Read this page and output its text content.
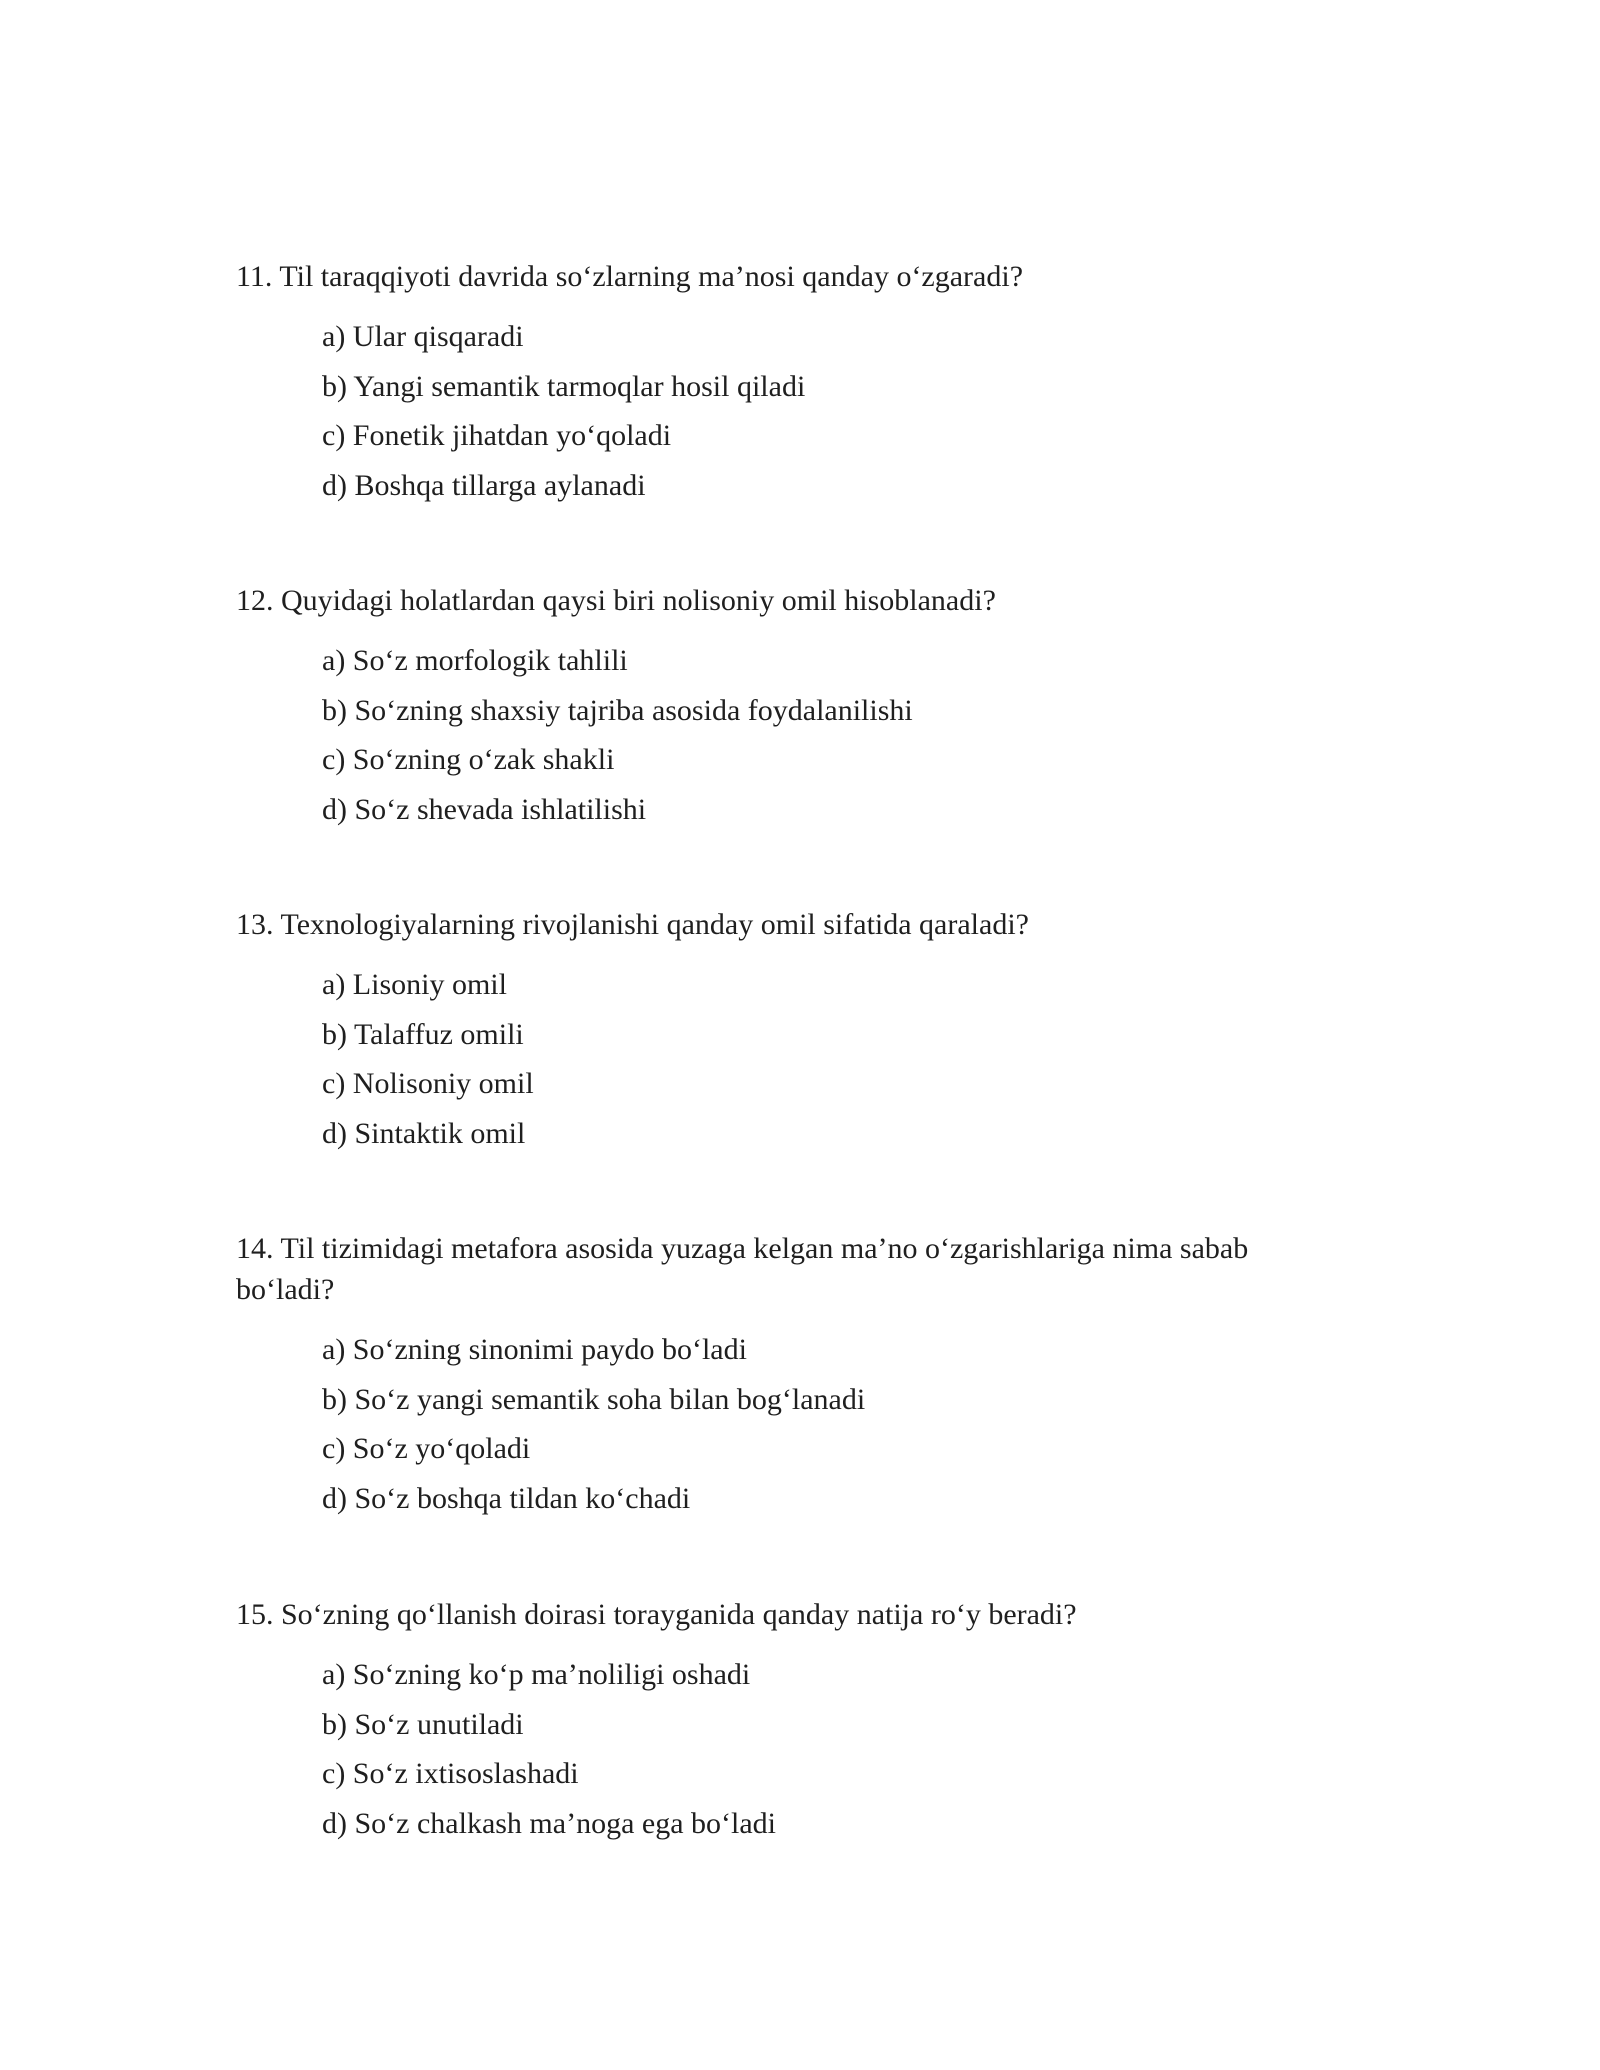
11. Til taraqqiyoti davrida so‘zlarning ma’nosi qanday o‘zgaradi?

a) Ular qisqaradi
b) Yangi semantik tarmoqlar hosil qiladi
c) Fonetik jihatdan yo‘qoladi
d) Boshqa tillarga aylanadi

12. Quyidagi holatlardan qaysi biri nolisoniy omil hisoblanadi?

a) So‘z morfologik tahlili
b) So‘zning shaxsiy tajriba asosida foydalanilishi
c) So‘zning o‘zak shakli
d) So‘z shevada ishlatilishi

13. Texnologiyalarning rivojlanishi qanday omil sifatida qaraladi?

a) Lisoniy omil
b) Talaffuz omili
c) Nolisoniy omil
d) Sintaktik omil

14. Til tizimidagi metafora asosida yuzaga kelgan ma’no o‘zgarishlariga nima sabab bo‘ladi?

a) So‘zning sinonimi paydo bo‘ladi
b) So‘z yangi semantik soha bilan bog‘lanadi
c) So‘z yo‘qoladi
d) So‘z boshqa tildan ko‘chadi

15. So‘zning qo‘llanish doirasi torayganida qanday natija ro‘y beradi?

a) So‘zning ko‘p ma’noliligi oshadi
b) So‘z unutiladi
c) So‘z ixtisoslashadi
d) So‘z chalkash ma’noga ega bo‘ladi
